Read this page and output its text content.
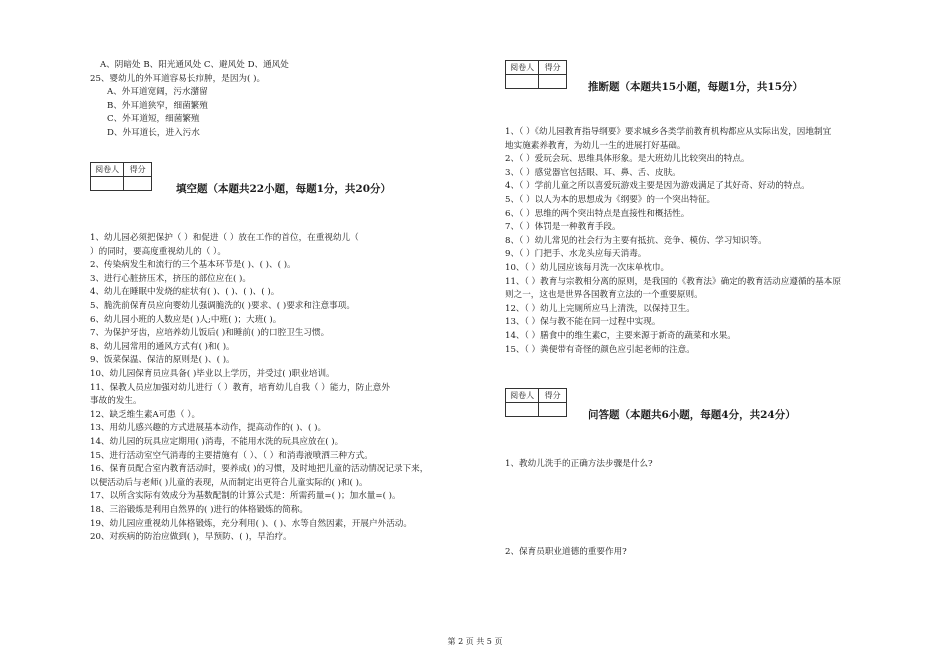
A、阴暗处 B、阳光通风处 C、避风处 D、通风处
25、婴幼儿的外耳道容易长疖肿，是因为( )。
A、外耳道宽阔，污水潴留
B、外耳道狭窄，细菌繁殖
C、外耳道短，细菌繁殖
D、外耳道长，进入污水
阅卷人	得分

填空题（本题共22小题，每题1分，共20分）
1、幼儿园必须把保护（ ）和促进（ ）放在工作的首位，在重视幼儿（
）的同时，要高度重视幼儿的（ ）。
2、传染病发生和流行的三个基本环节是( )、( )、( )。
3、进行心脏挤压术，挤压的部位应在( )。
4、幼儿在睡眠中发烧的症状有( )、( )、( )、( )。
5、脆洗前保育员应向婴幼儿强调脆洗的( )要求、( )要求和注意事项。
6、幼儿园小班的人数应是( )人;中班( )；大班( )。
7、为保护牙齿，应培养幼儿饭后( )和睡前( )的口腔卫生习惯。
8、幼儿园常用的通风方式有( )和( )。
9、饭菜保温、保洁的原则是( )、( )。
10、幼儿园保育员应具备( )毕业以上学历，并受过( )职业培训。
11、保教人员应加强对幼儿进行（ ）教育，培育幼儿自我（ ）能力，防止意外
事故的发生。
12、缺乏维生素A可患（ ）。
13、用幼儿感兴趣的方式进展基本动作，提高动作的( )、( )。
14、幼儿园的玩具应定期用( )消毒，不能用水洗的玩具应放在( )。
15、进行活动室空气消毒的主要措施有（ ）、（ ）和消毒液喷洒三种方式。
16、保育员配合室内教育活动时，要养成( )的习惯，及时地把儿童的活动情况记录下来，
以便活动后与老师( )儿童的表现，从而制定出更符合儿童实际的( )和( )。
17、以所含实际有效成分为基数配制的计算公式是：所需药量=( )；加水量=( )。
18、三浴锻炼是利用自然界的( )进行的体格锻炼的简称。
19、幼儿园应重视幼儿体格锻炼，充分利用( )、( )、水等自然因素，开展户外活动。
20、对疾病的防治应做到( )，早预防、( )，早治疗。
阅卷人	得分

推断题（本题共15小题，每题1分，共15分）
1、（ ）《幼儿园教育指导纲要》要求城乡各类学前教育机构都应从实际出发，因地制宜
地实施素养教育，为幼儿一生的进展打好基础。
2、（ ）爱玩会玩、思维具体形象。是大班幼儿比较突出的特点。
3、（ ）感觉器官包括眼、耳、鼻、舌、皮肤。
4、（ ）学前儿童之所以喜爱玩游戏主要是因为游戏满足了其好奇、好动的特点。
5、（ ）以人为本的思想成为《纲要》的一个突出特征。
6、（ ）思维的两个突出特点是直接性和概括性。
7、（ ）体罚是一种教育手段。
8、（ ）幼儿常见的社会行为主要有抵抗、竞争、模仿、学习知识等。
9、（ ）门把手、水龙头应每天消毒。
10、（ ）幼儿园应该每月洗一次床单枕巾。
11、（ ）教育与宗教相分离的原则，是我国的《教育法》确定的教育活动应遵循的基本原
则之一，这也是世界各国教育立法的一个重要原则。
12、（ ）幼儿上完厕所应马上清洗，以保持卫生。
13、（ ）保与教不能在同一过程中实现。
14、（ ）膳食中的维生素C，主要来源于新奇的蔬菜和水果。
15、（ ）粪便带有奇怪的颜色应引起老师的注意。
阅卷人	得分

问答题（本题共6小题，每题4分，共24分）
1、教幼儿洗手的正确方法步骤是什么?
2、保育员职业道德的重要作用?
第 2 页 共 5 页
